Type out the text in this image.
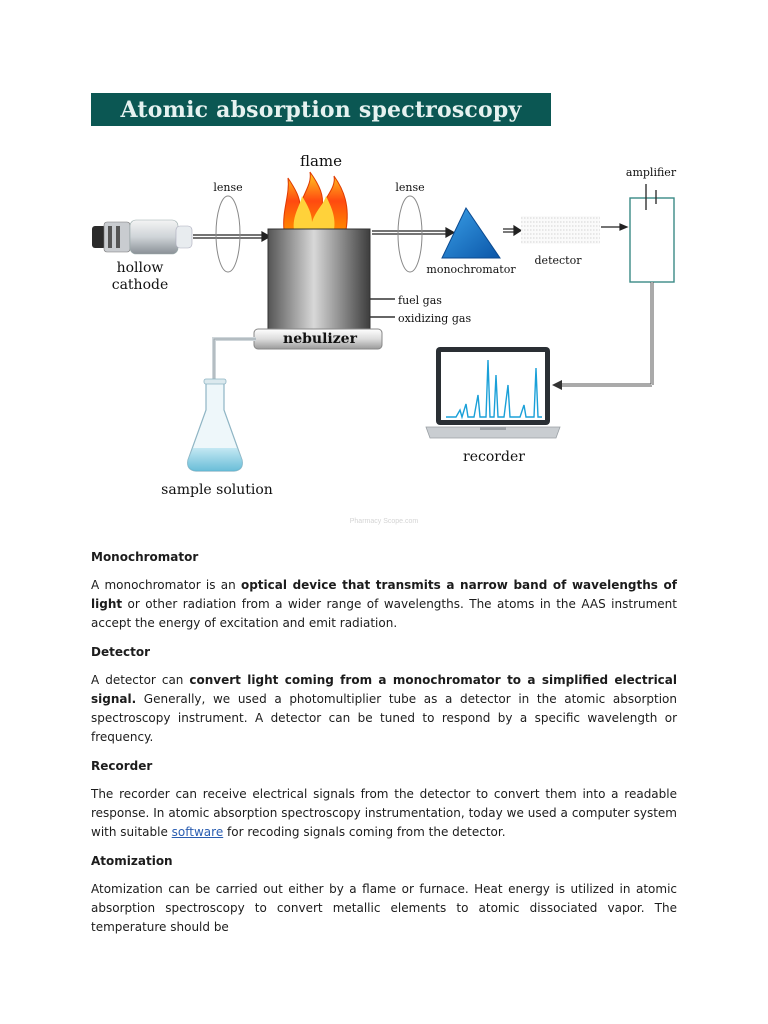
Atomic absorption spectroscopy
hollow
cathode
lense	lense
flame
fuel gas
oxidizing gas
nebulizer
sample solution
monochromator
detector
amplifier
recorder
Pharmacy Scope.com
Monochromator

A monochromator is an optical device that transmits a narrow band of wavelengths of light or other radiation from a wider range of wavelengths. The atoms in the AAS instrument accept the energy of excitation and emit radiation.

Detector

A detector can convert light coming from a monochromator to a simplified electrical signal. Generally, we used a photomultiplier tube as a detector in the atomic absorption spectroscopy instrument. A detector can be tuned to respond by a specific wavelength or frequency.

Recorder

The recorder can receive electrical signals from the detector to convert them into a readable response. In atomic absorption spectroscopy instrumentation, today we used a computer system with suitable software for recoding signals coming from the detector.

Atomization

Atomization can be carried out either by a flame or furnace. Heat energy is utilized in atomic absorption spectroscopy to convert metallic elements to atomic dissociated vapor. The temperature should be
